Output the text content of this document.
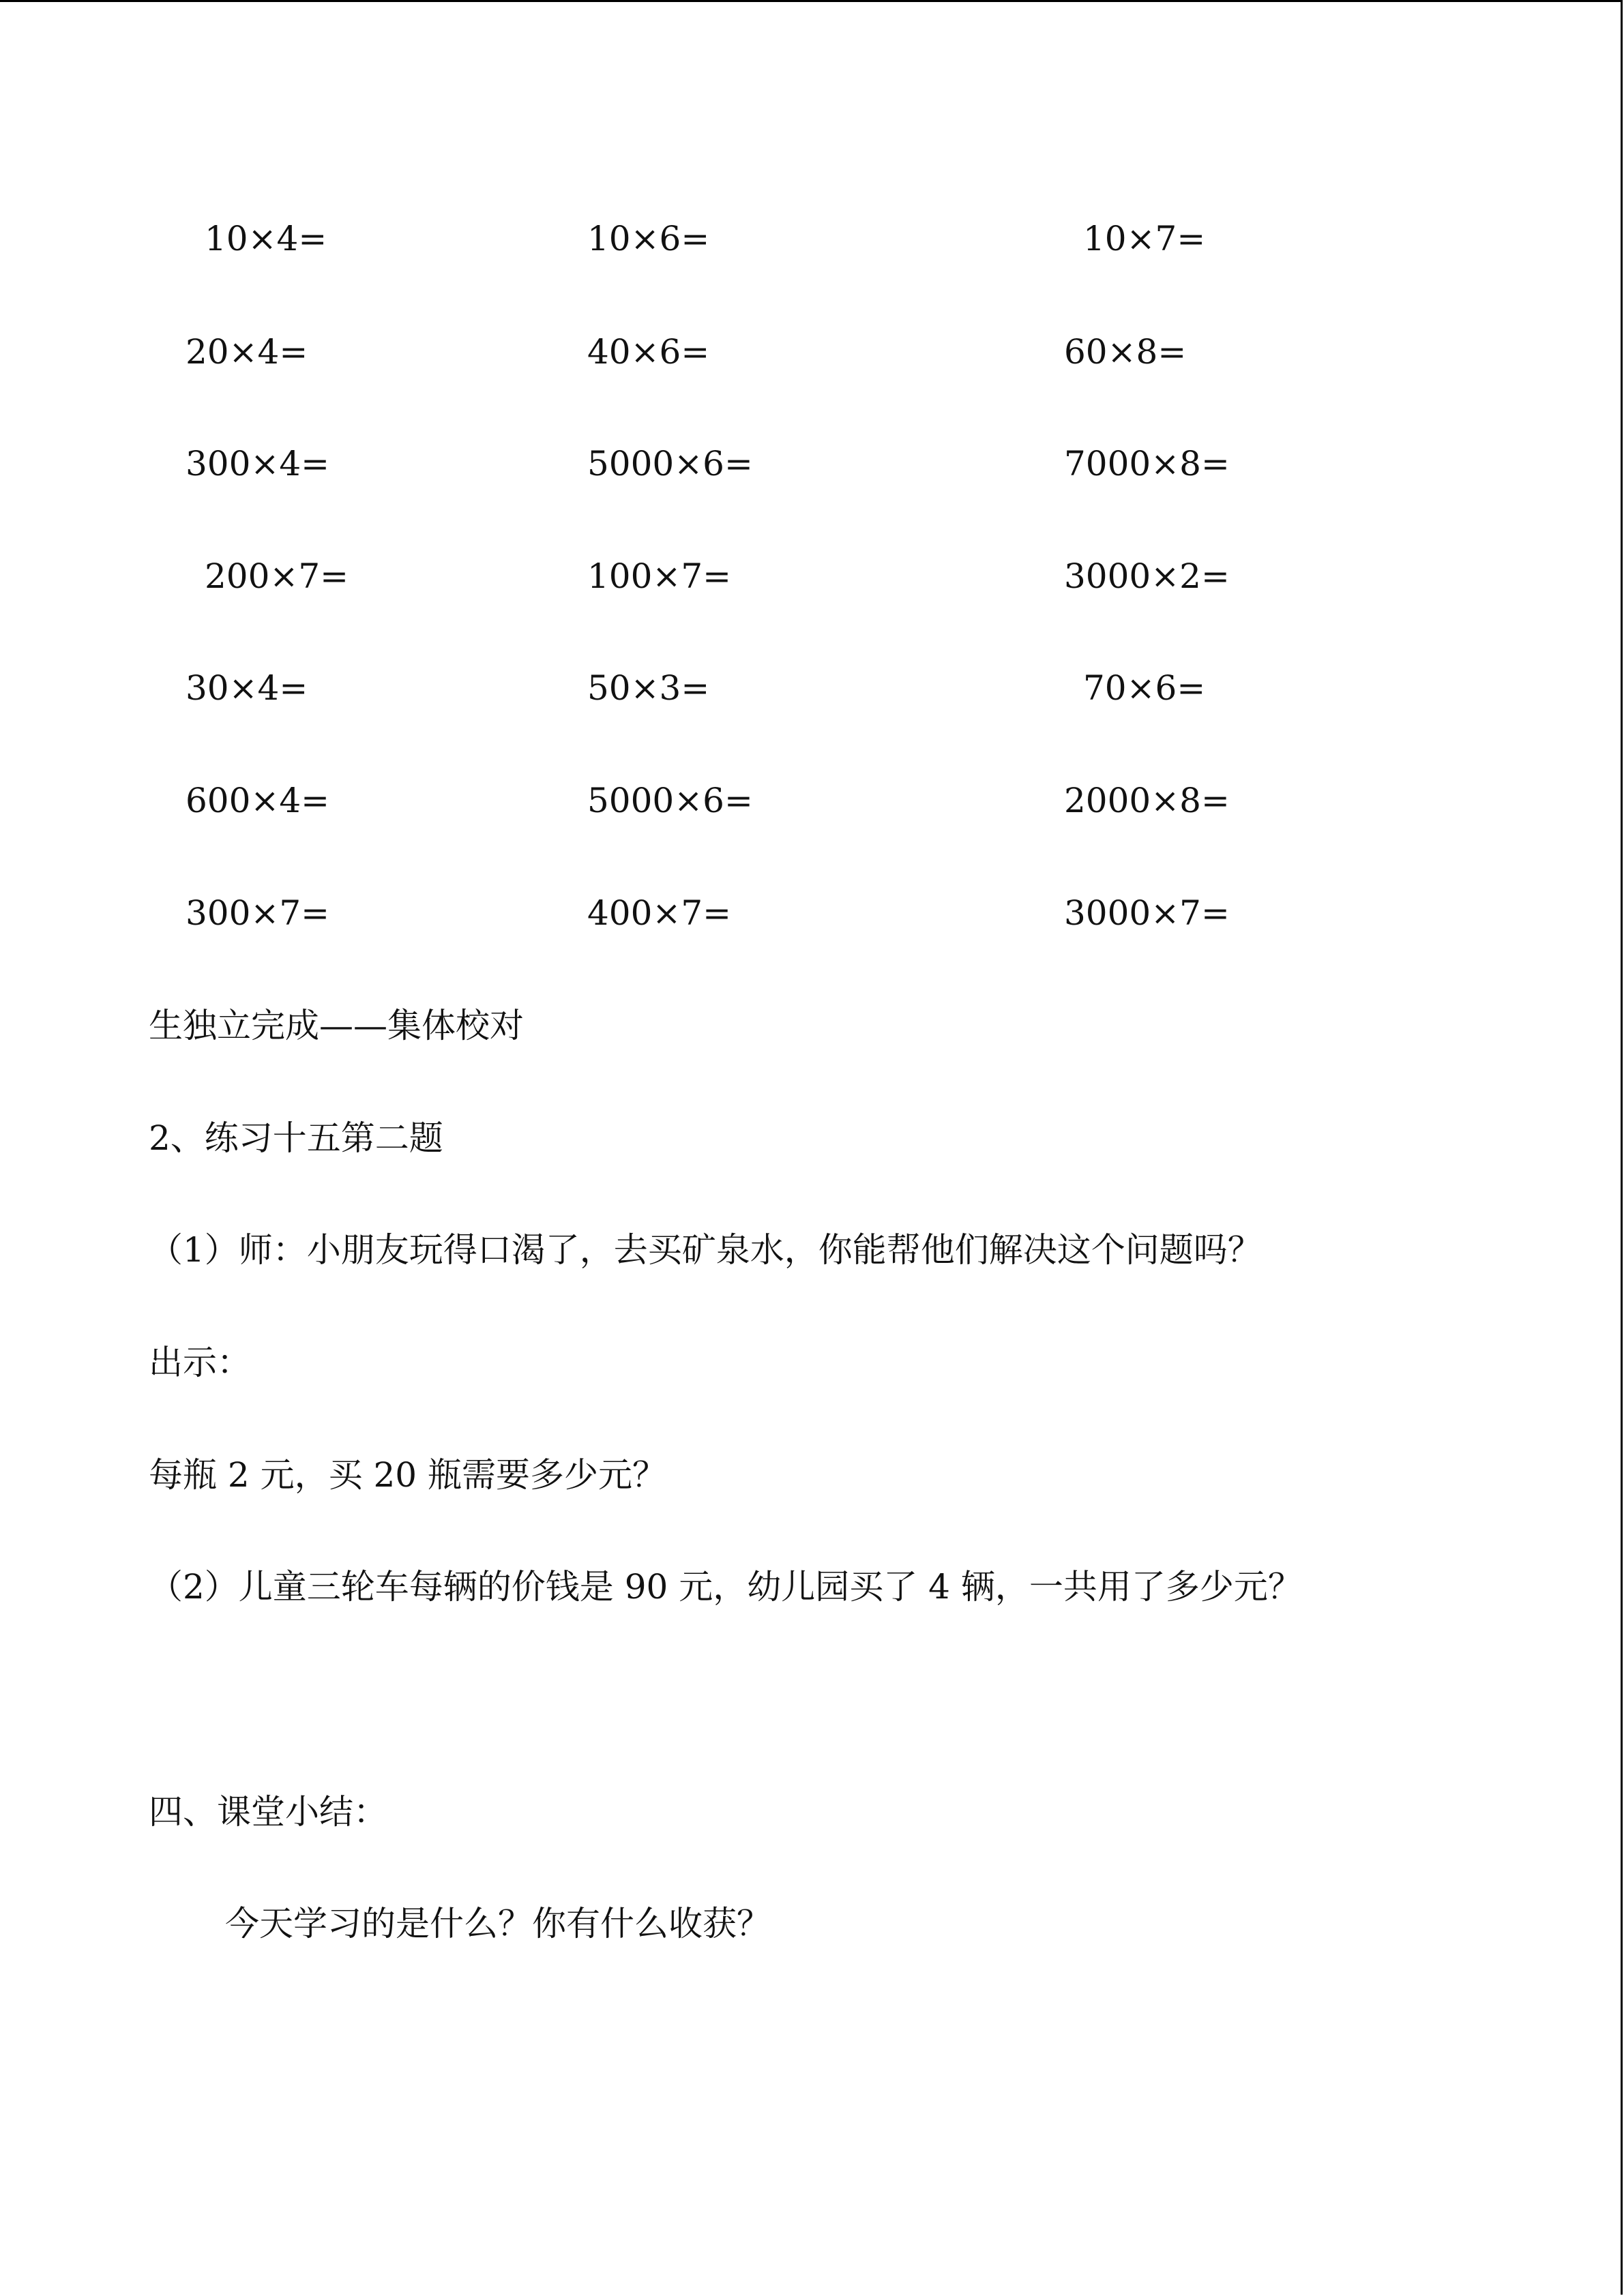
10×4=	10×6=	10×7=
20×4=	40×6=	60×8=
300×4=	5000×6=	7000×8=
200×7=	100×7=	3000×2=
30×4=	50×3=	70×6=
600×4=	5000×6=	2000×8=
300×7=	400×7=	3000×7=
生独立完成——集体校对
2、练习十五第二题
（1）师：小朋友玩得口渴了，去买矿泉水，你能帮他们解决这个问题吗？
出示：
每瓶 2 元，买 20 瓶需要多少元？
（2）儿童三轮车每辆的价钱是 90 元，幼儿园买了 4 辆，一共用了多少元？
四、课堂小结：
今天学习的是什么？你有什么收获？
